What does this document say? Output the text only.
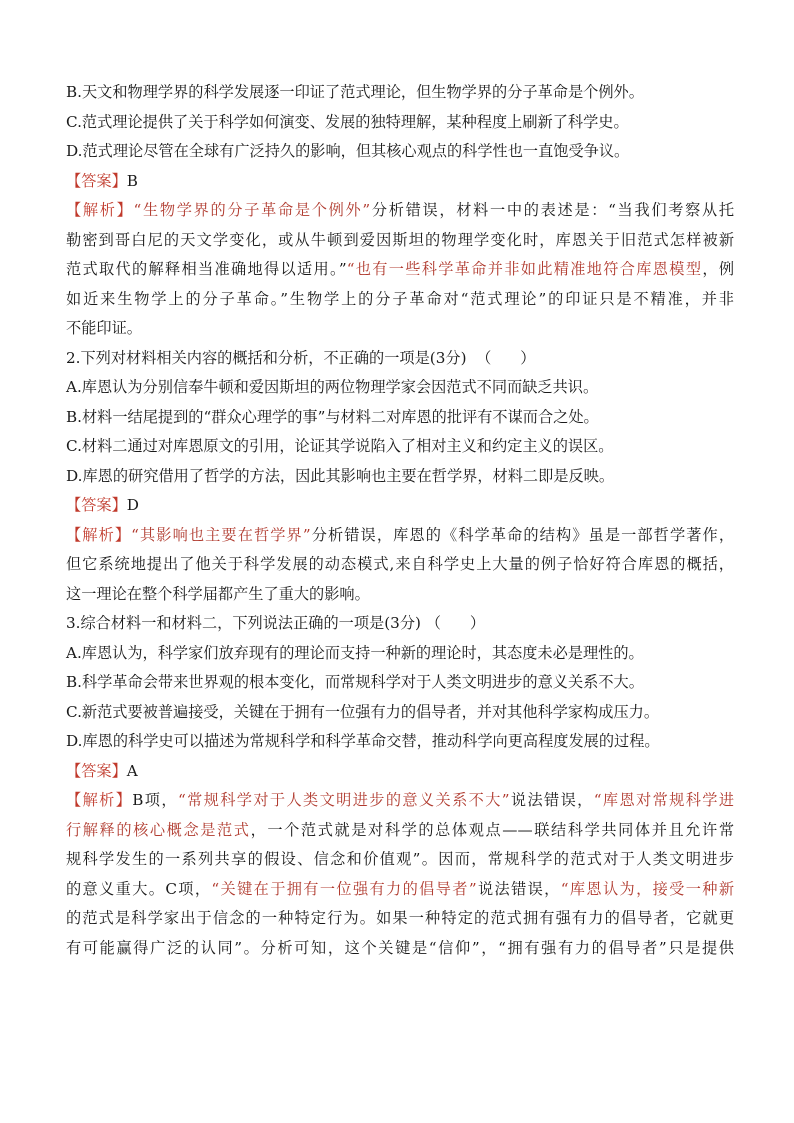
B.天文和物理学界的科学发展逐一印证了范式理论，但生物学界的分子革命是个例外。
C.范式理论提供了关于科学如何演变、发展的独特理解，某种程度上刷新了科学史。
D.范式理论尽管在全球有广泛持久的影响，但其核心观点的科学性也一直饱受争议。
【答案】B
【解析】“生物学界的分子革命是个例外”分析错误，材料一中的表述是：“当我们考察从托
勒密到哥白尼的天文学变化，或从牛顿到爱因斯坦的物理学变化时，库恩关于旧范式怎样被新
范式取代的解释相当准确地得以适用。”“也有一些科学革命并非如此精准地符合库恩模型，例
如近来生物学上的分子革命。”生物学上的分子革命对“范式理论”的印证只是不精准，并非
不能印证。
2.下列对材料相关内容的概括和分析，不正确的一项是(3分)  （      ）
A.库恩认为分别信奉牛顿和爱因斯坦的两位物理学家会因范式不同而缺乏共识。
B.材料一结尾提到的“群众心理学的事”与材料二对库恩的批评有不谋而合之处。
C.材料二通过对库恩原文的引用，论证其学说陷入了相对主义和约定主义的误区。
D.库恩的研究借用了哲学的方法，因此其影响也主要在哲学界，材料二即是反映。
【答案】D
【解析】“其影响也主要在哲学界”分析错误，库恩的《科学革命的结构》虽是一部哲学著作，
但它系统地提出了他关于科学发展的动态模式,来自科学史上大量的例子恰好符合库恩的概括，
这一理论在整个科学届都产生了重大的影响。
3.综合材料一和材料二，下列说法正确的一项是(3分) （      ）
A.库恩认为，科学家们放弃现有的理论而支持一种新的理论时，其态度未必是理性的。
B.科学革命会带来世界观的根本变化，而常规科学对于人类文明进步的意义关系不大。
C.新范式要被普遍接受，关键在于拥有一位强有力的倡导者，并对其他科学家构成压力。
D.库恩的科学史可以描述为常规科学和科学革命交替，推动科学向更高程度发展的过程。
【答案】A
【解析】B项，“常规科学对于人类文明进步的意义关系不大”说法错误，“库恩对常规科学进
行解释的核心概念是范式，一个范式就是对科学的总体观点——联结科学共同体并且允许常
规科学发生的一系列共享的假设、信念和价值观”。因而，常规科学的范式对于人类文明进步
的意义重大。C项，“关键在于拥有一位强有力的倡导者”说法错误，“库恩认为，接受一种新
的范式是科学家出于信念的一种特定行为。如果一种特定的范式拥有强有力的倡导者，它就更
有可能赢得广泛的认同”。分析可知，这个关键是“信仰”，“拥有强有力的倡导者”只是提供
